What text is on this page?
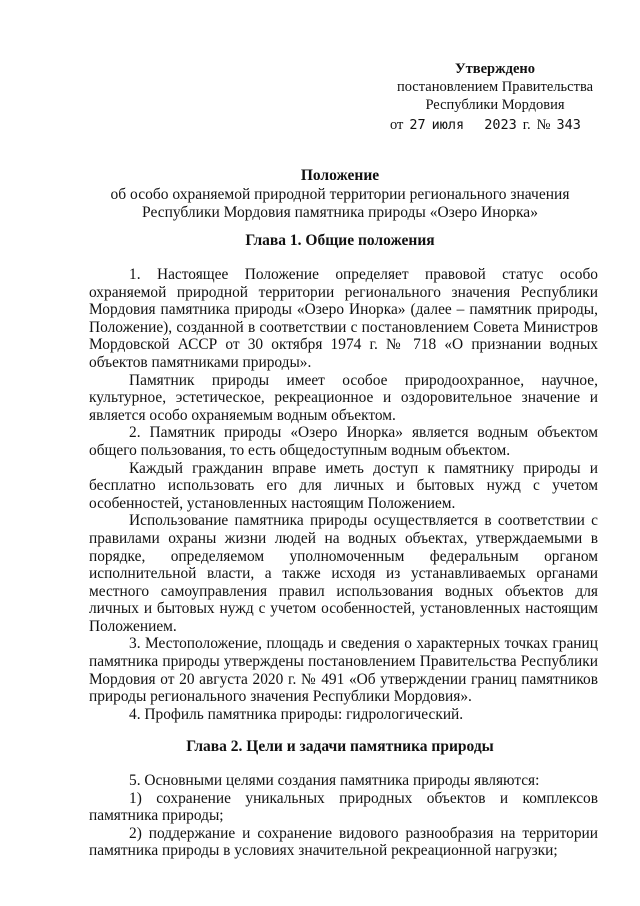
Утверждено
постановлением Правительства
Республики Мордовия
от 27 июля 2023 г. № 343
Положение
об особо охраняемой природной территории регионального значения
Республики Мордовия памятника природы «Озеро Инорка»
Глава 1. Общие положения

1. Настоящее Положение определяет правовой статус особо охраняемой природной территории регионального значения Республики Мордовия памятника природы «Озеро Инорка» (далее – памятник природы, Положение), созданной в соответствии с постановлением Совета Министров Мордовской АССР от 30 октября 1974 г. № 718 «О признании водных объектов памятниками природы».

Памятник природы имеет особое природоохранное, научное, культурное, эстетическое, рекреационное и оздоровительное значение и является особо охраняемым водным объектом.

2. Памятник природы «Озеро Инорка» является водным объектом общего пользования, то есть общедоступным водным объектом.

Каждый гражданин вправе иметь доступ к памятнику природы и бесплатно использовать его для личных и бытовых нужд с учетом особенностей, установленных настоящим Положением.

Использование памятника природы осуществляется в соответствии с правилами охраны жизни людей на водных объектах, утверждаемыми в порядке, определяемом уполномоченным федеральным органом исполнительной власти, а также исходя из устанавливаемых органами местного самоуправления правил использования водных объектов для личных и бытовых нужд с учетом особенностей, установленных настоящим Положением.

3. Местоположение, площадь и сведения о характерных точках границ памятника природы утверждены постановлением Правительства Республики Мордовия от 20 августа 2020 г. № 491 «Об утверждении границ памятников природы регионального значения Республики Мордовия».

4. Профиль памятника природы: гидрологический.

Глава 2. Цели и задачи памятника природы

5. Основными целями создания памятника природы являются:

1) сохранение уникальных природных объектов и комплексов памятника природы;

2) поддержание и сохранение видового разнообразия на территории памятника природы в условиях значительной рекреационной нагрузки;
